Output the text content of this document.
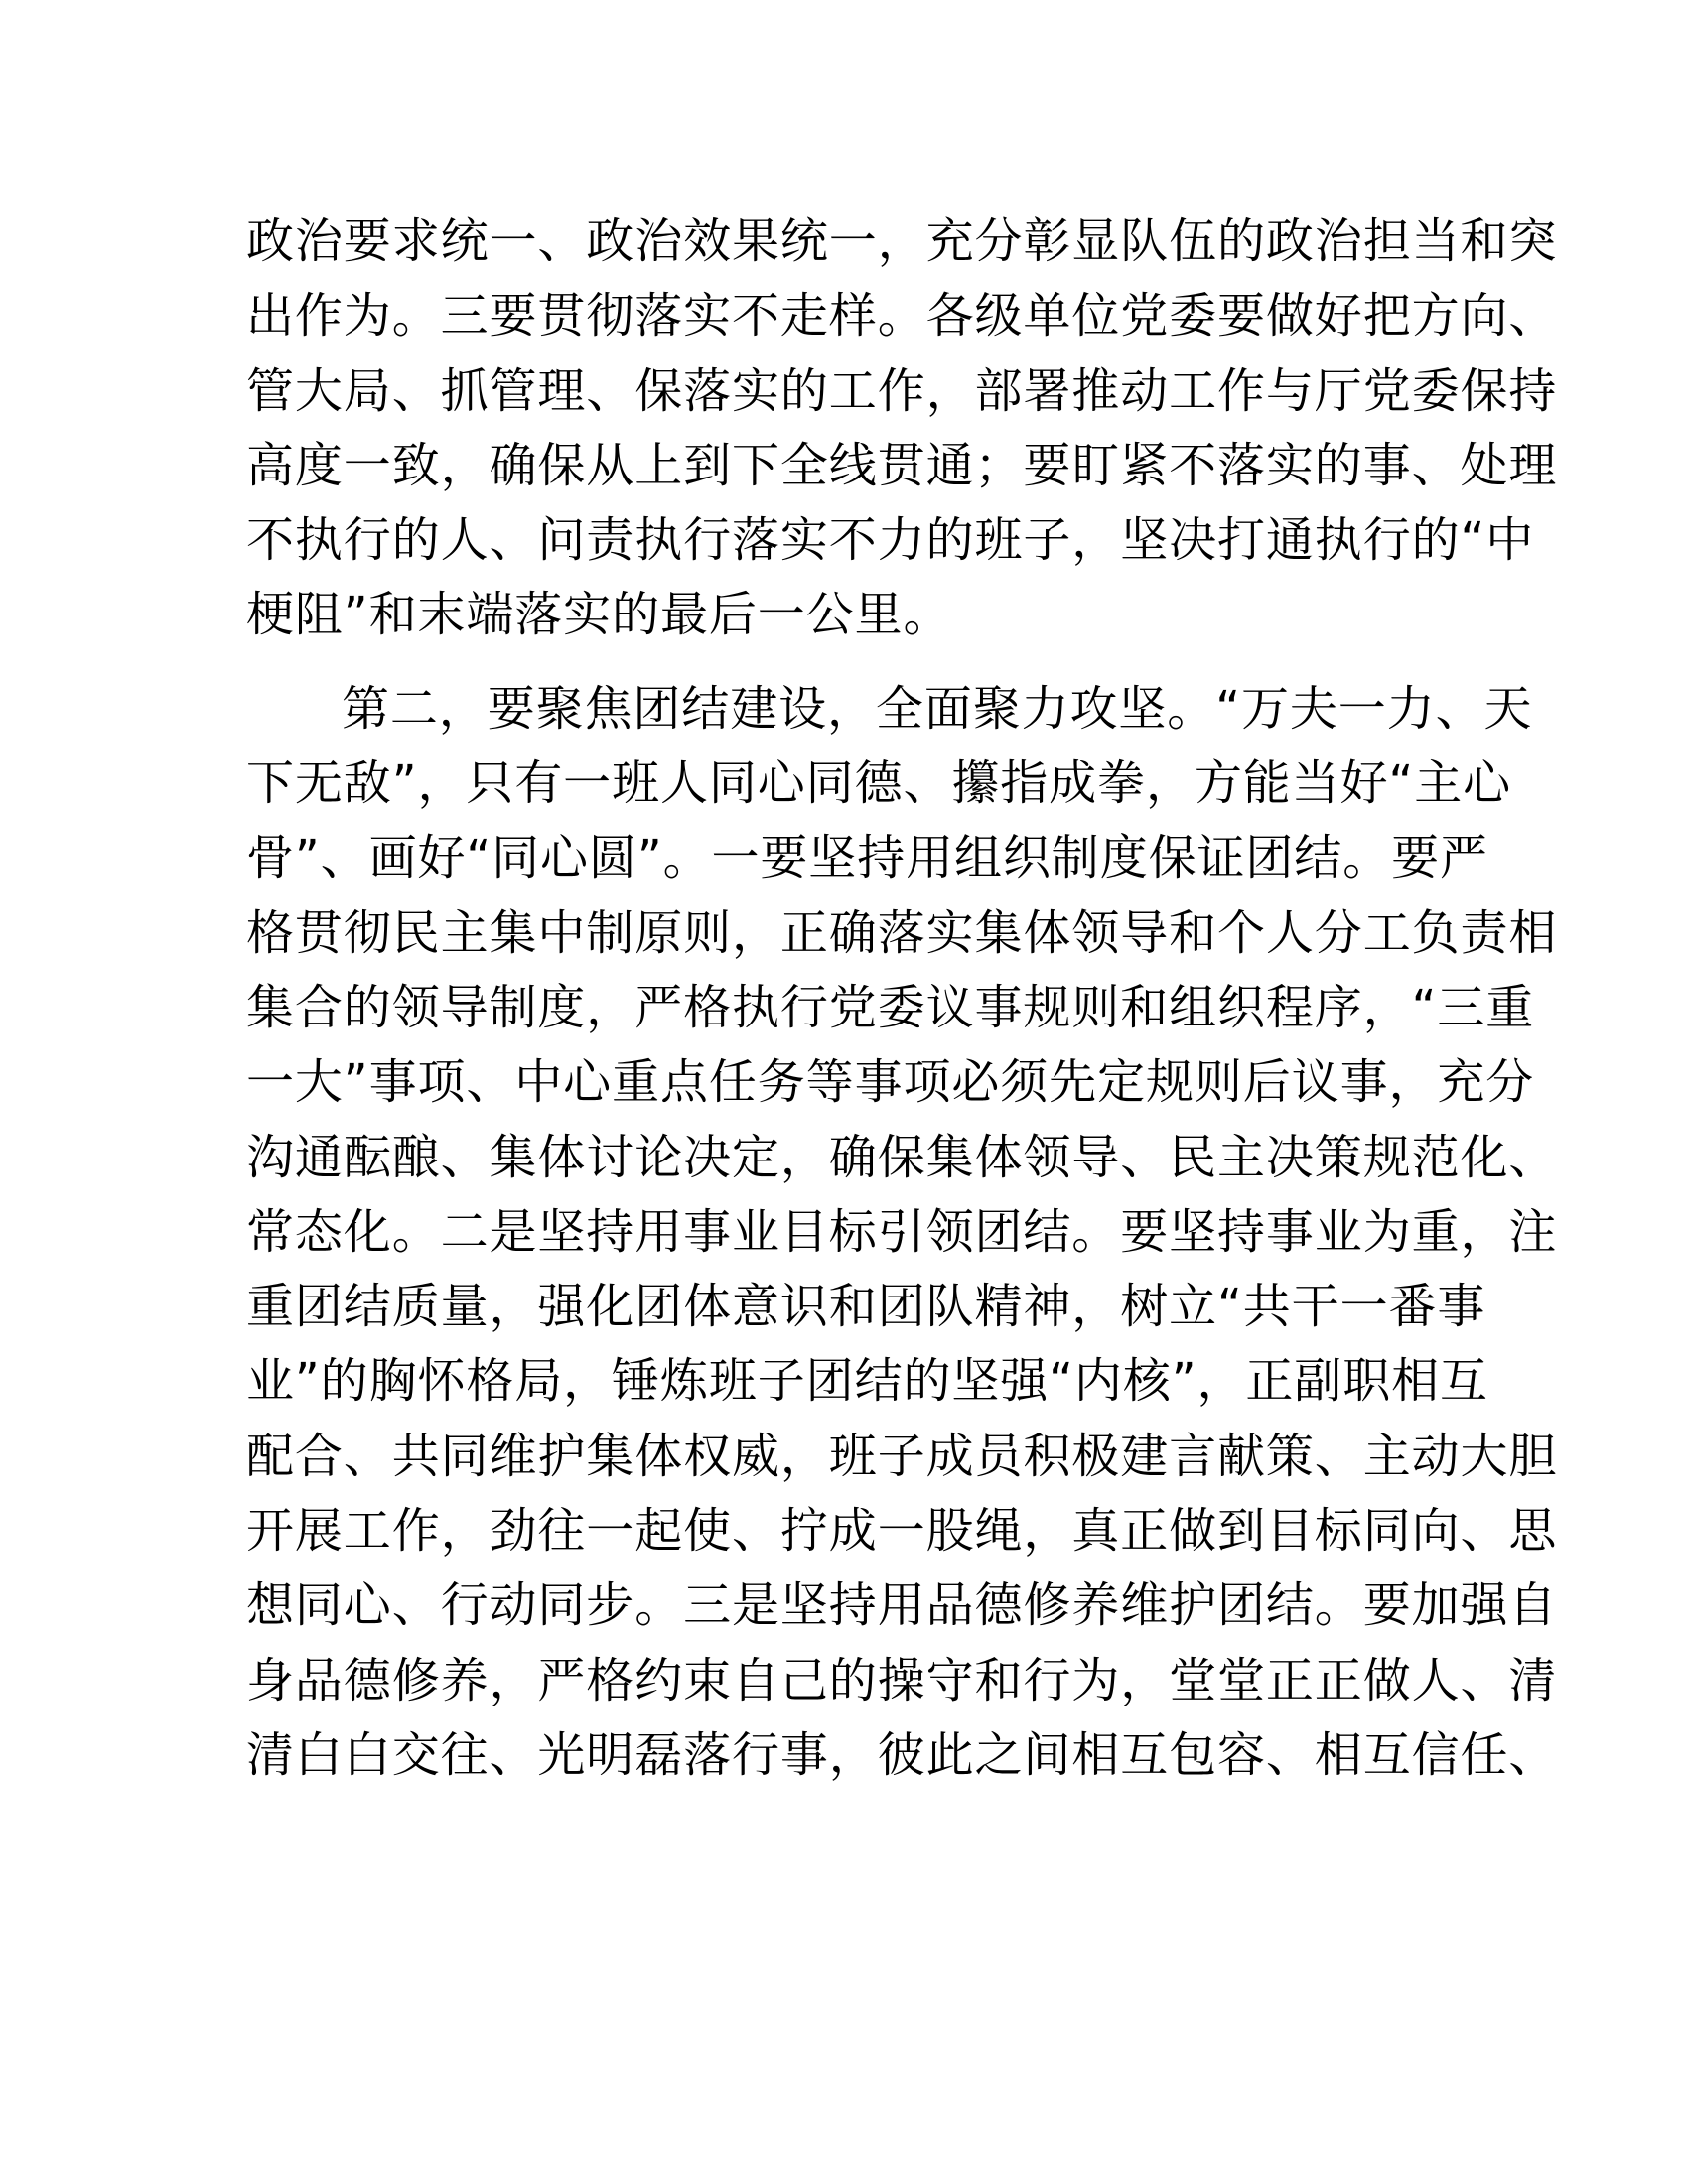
政治要求统一、政治效果统一，充分彰显队伍的政治担当和突
出作为。三要贯彻落实不走样。各级单位党委要做好把方向、
管大局、抓管理、保落实的工作，部署推动工作与厅党委保持
高度一致，确保从上到下全线贯通；要盯紧不落实的事、处理
不执行的人、问责执行落实不力的班子，坚决打通执行的“中
梗阻”和末端落实的最后一公里。
第二，要聚焦团结建设，全面聚力攻坚。“万夫一力、天
下无敌”，只有一班人同心同德、攥指成拳，方能当好“主心
骨”、画好“同心圆”。一要坚持用组织制度保证团结。要严
格贯彻民主集中制原则，正确落实集体领导和个人分工负责相
集合的领导制度，严格执行党委议事规则和组织程序，“三重
一大”事项、中心重点任务等事项必须先定规则后议事，充分
沟通酝酿、集体讨论决定，确保集体领导、民主决策规范化、
常态化。二是坚持用事业目标引领团结。要坚持事业为重，注
重团结质量，强化团体意识和团队精神，树立“共干一番事
业”的胸怀格局，锤炼班子团结的坚强“内核”，正副职相互
配合、共同维护集体权威，班子成员积极建言献策、主动大胆
开展工作，劲往一起使、拧成一股绳，真正做到目标同向、思
想同心、行动同步。三是坚持用品德修养维护团结。要加强自
身品德修养，严格约束自己的操守和行为，堂堂正正做人、清
清白白交往、光明磊落行事，彼此之间相互包容、相互信任、
